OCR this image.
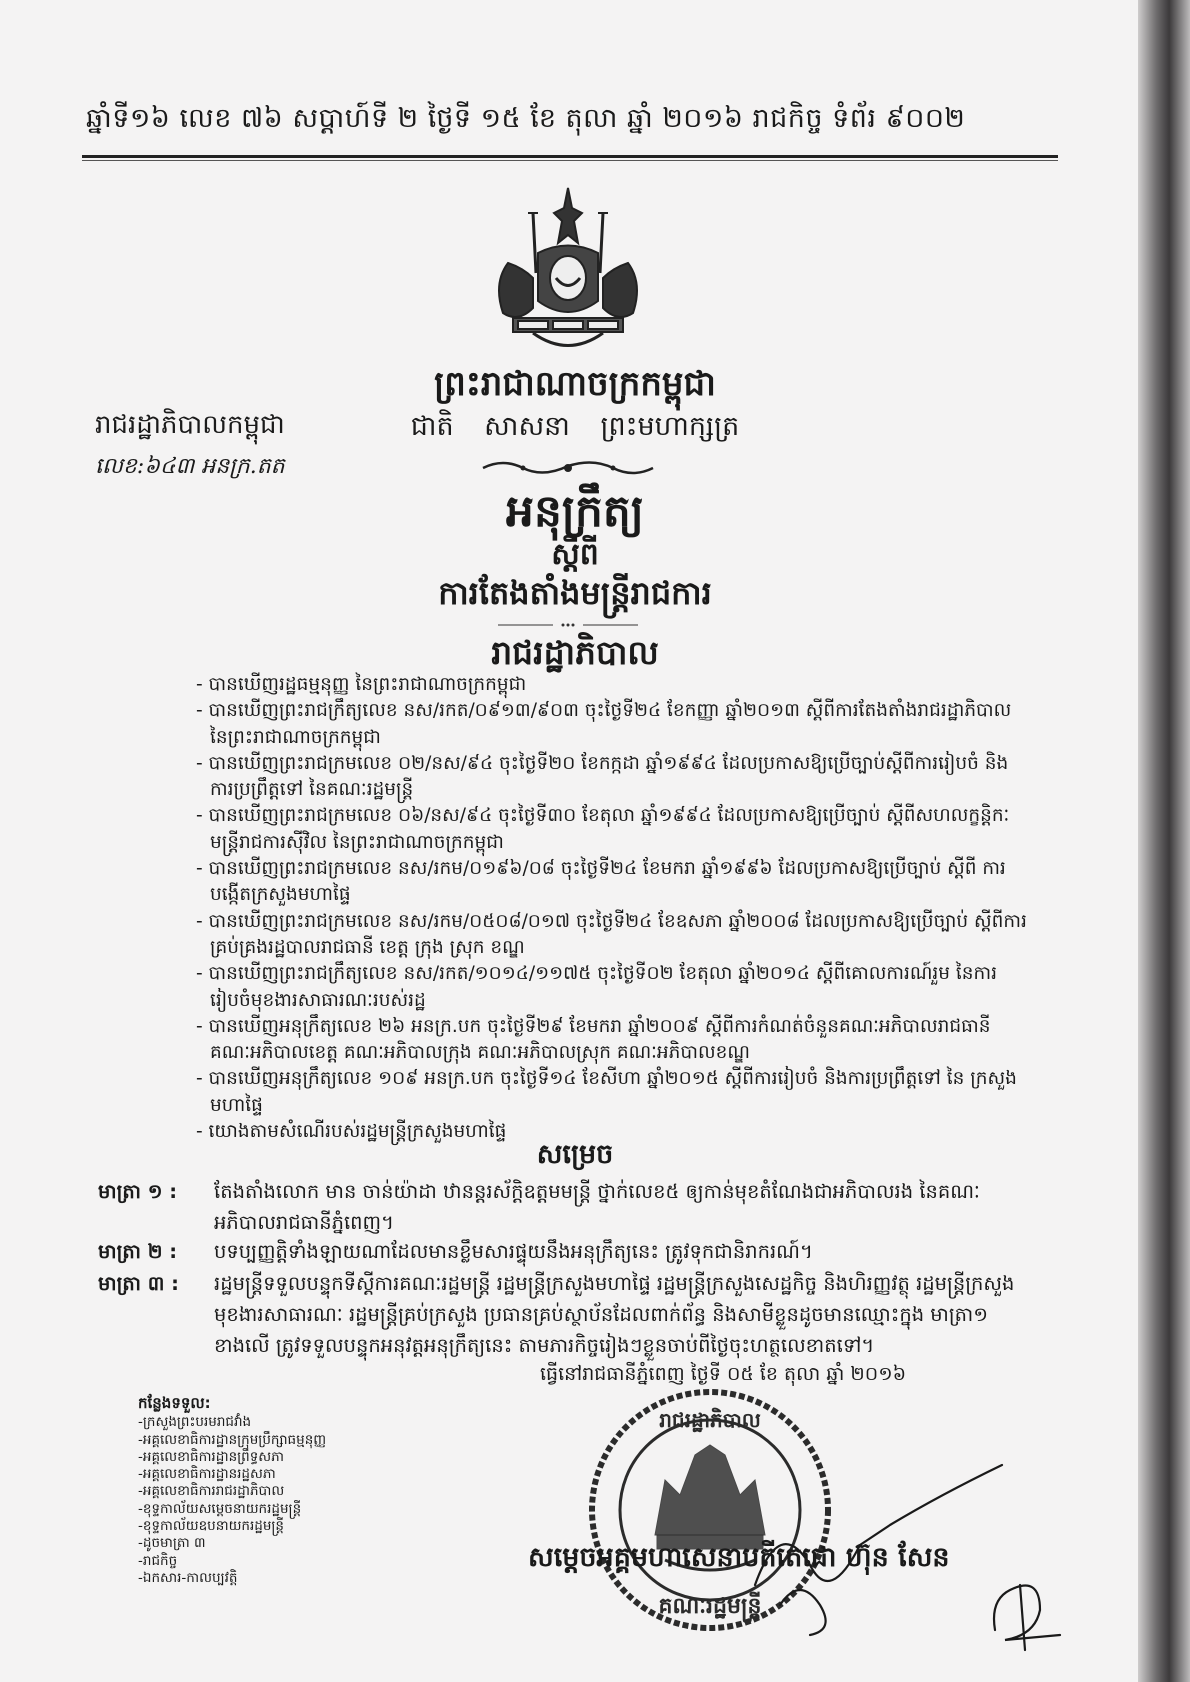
ឆ្នាំទី១៦ លេខ ៧៦ សប្តាហ៍ទី ២ ថ្ងៃទី ១៥ ខែ តុលា ឆ្នាំ ២០១៦ រាជកិច្ច ទំព័រ ៩០០២
ព្រះរាជាណាចក្រកម្ពុជា
ជាតិ សាសនា ព្រះមហាក្សត្រ
រាជរដ្ឋាភិបាលកម្ពុជា
លេខ:៦៤៣ អនក្រ.តត
អនុក្រឹត្យ
ស្តីពី
ការតែងតាំងមន្ត្រីរាជការ
រាជរដ្ឋាភិបាល
- បានឃើញរដ្ឋធម្មនុញ្ញ នៃព្រះរាជាណាចក្រកម្ពុជា
- បានឃើញព្រះរាជក្រឹត្យលេខ នស/រកត/០៩១៣/៩០៣ ចុះថ្ងៃទី២៤ ខែកញ្ញា ឆ្នាំ២០១៣ ស្តីពីការតែងតាំងរាជរដ្ឋាភិបាល នៃព្រះរាជាណាចក្រកម្ពុជា
- បានឃើញព្រះរាជក្រមលេខ ០២/នស/៩៤ ចុះថ្ងៃទី២០ ខែកក្កដា ឆ្នាំ១៩៩៤ ដែលប្រកាសឱ្យប្រើច្បាប់ស្តីពីការរៀបចំ និងការប្រព្រឹត្តទៅ នៃគណៈរដ្ឋមន្ត្រី
- បានឃើញព្រះរាជក្រមលេខ ០៦/នស/៩៤ ចុះថ្ងៃទី៣០ ខែតុលា ឆ្នាំ១៩៩៤ ដែលប្រកាសឱ្យប្រើច្បាប់ ស្តីពីសហលក្ខន្តិកៈ មន្ត្រីរាជការស៊ីវិល នៃព្រះរាជាណាចក្រកម្ពុជា
- បានឃើញព្រះរាជក្រមលេខ នស/រកម/០១៩៦/០៨ ចុះថ្ងៃទី២៤ ខែមករា ឆ្នាំ១៩៩៦ ដែលប្រកាសឱ្យប្រើច្បាប់ ស្តីពី ការបង្កើតក្រសួងមហាផ្ទៃ
- បានឃើញព្រះរាជក្រមលេខ នស/រកម/០៥០៨/០១៧ ចុះថ្ងៃទី២៤ ខែឧសភា ឆ្នាំ២០០៨ ដែលប្រកាសឱ្យប្រើច្បាប់ ស្តីពីការគ្រប់គ្រងរដ្ឋបាលរាជធានី ខេត្ត ក្រុង ស្រុក ខណ្ឌ
- បានឃើញព្រះរាជក្រឹត្យលេខ នស/រកត/១០១៤/១១៧៥ ចុះថ្ងៃទី០២ ខែតុលា ឆ្នាំ២០១៤ ស្តីពីគោលការណ៍រួម នៃការ រៀបចំមុខងារសាធារណៈរបស់រដ្ឋ
- បានឃើញអនុក្រឹត្យលេខ ២៦ អនក្រ.បក ចុះថ្ងៃទី២៩ ខែមករា ឆ្នាំ២០០៩ ស្តីពីការកំណត់ចំនួនគណៈអភិបាលរាជធានី គណៈអភិបាលខេត្ត គណៈអភិបាលក្រុង គណៈអភិបាលស្រុក គណៈអភិបាលខណ្ឌ
- បានឃើញអនុក្រឹត្យលេខ ១០៩ អនក្រ.បក ចុះថ្ងៃទី១៤ ខែសីហា ឆ្នាំ២០១៥ ស្តីពីការរៀបចំ និងការប្រព្រឹត្តទៅ នៃ ក្រសួងមហាផ្ទៃ
- យោងតាមសំណើរបស់រដ្ឋមន្ត្រីក្រសួងមហាផ្ទៃ
សម្រេច
មាត្រា ១ : តែងតាំងលោក មាន ចាន់យ៉ាដា ឋានន្តរស័ក្តិឧត្តមមន្ត្រី ថ្នាក់លេខ៥ ឲ្យកាន់មុខតំណែងជាអភិបាលរង នៃគណៈអភិបាលរាជធានីភ្នំពេញ។
មាត្រា ២ : បទប្បញ្ញត្តិទាំងឡាយណាដែលមានខ្លឹមសារផ្ទុយនឹងអនុក្រឹត្យនេះ ត្រូវទុកជានិរាករណ៍។
មាត្រា ៣ : រដ្ឋមន្ត្រីទទួលបន្ទុកទីស្តីការគណៈរដ្ឋមន្ត្រី រដ្ឋមន្ត្រីក្រសួងមហាផ្ទៃ រដ្ឋមន្ត្រីក្រសួងសេដ្ឋកិច្ច និងហិរញ្ញវត្ថុ រដ្ឋមន្ត្រីក្រសួងមុខងារសាធារណៈ រដ្ឋមន្ត្រីគ្រប់ក្រសួង ប្រធានគ្រប់ស្ថាប័នដែលពាក់ព័ន្ធ និងសាមីខ្លួនដូចមានឈ្មោះក្នុង មាត្រា១ ខាងលើ ត្រូវទទួលបន្ទុកអនុវត្តអនុក្រឹត្យនេះ តាមភារកិច្ចរៀងៗខ្លួនចាប់ពីថ្ងៃចុះហត្ថលេខាតទៅ។
ធ្វើនៅរាជធានីភ្នំពេញ ថ្ងៃទី ០៥ ខែ តុលា ឆ្នាំ ២០១៦
កន្លែងទទួល:
-ក្រសួងព្រះបរមរាជវាំង
-អគ្គលេខាធិការដ្ឋានក្រុមប្រឹក្សាធម្មនុញ្ញ
-អគ្គលេខាធិការដ្ឋានព្រឹទ្ធសភា
-អគ្គលេខាធិការដ្ឋានរដ្ឋសភា
-អគ្គលេខាធិការរាជរដ្ឋាភិបាល
-ខុទ្ទកាល័យសម្តេចនាយករដ្ឋមន្ត្រី
-ខុទ្ទកាល័យឧបនាយករដ្ឋមន្ត្រី
-ដូចមាត្រា ៣
-រាជកិច្ច
-ឯកសារ-កាលប្បវត្តិ
រាជរដ្ឋាភិបាល
គណៈរដ្ឋមន្ត្រី
សម្តេចអគ្គមហាសេនាបតីតេជោ ហ៊ុន សែន
